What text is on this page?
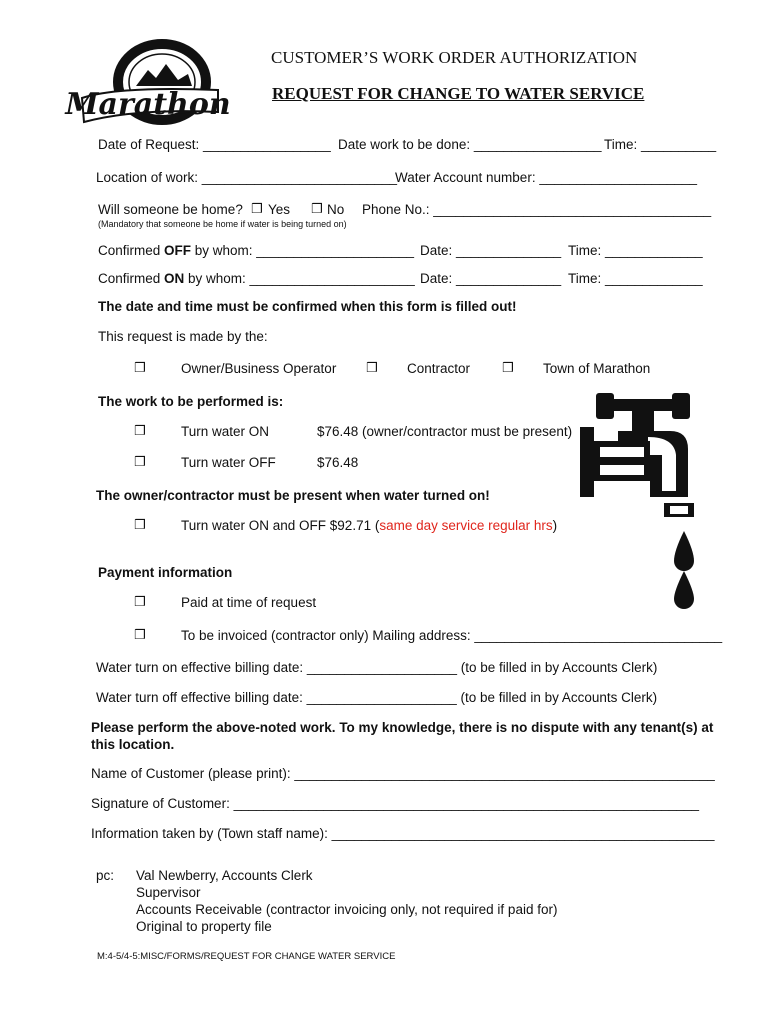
Marathon
CUSTOMER’S WORK ORDER AUTHORIZATION
REQUEST FOR CHANGE TO WATER SERVICE
Date of Request: _________________ Date work to be done: _________________ Time: __________
Location of work: __________________________
Water Account number: _____________________
Will someone be home? ❒ Yes ❒ No Phone No.: _____________________________________
(Mandatory that someone be home if water is being turned on)
Confirmed OFF by whom: _____________________ Date: ______________ Time: _____________
Confirmed ON by whom: ______________________ Date: ______________ Time: _____________
The date and time must be confirmed when this form is filled out!
This request is made by the:
❒	Owner/Business Operator ❒ Contractor ❒ Town of Marathon
The work to be performed is:
❒	Turn water ON	$76.48 (owner/contractor must be present)
❒	Turn water OFF	$76.48
The owner/contractor must be present when water turned on!
❒	Turn water ON and OFF $92.71 (same day service regular hrs)
Payment information
❒	Paid at time of request
❒	To be invoiced (contractor only) Mailing address: _________________________________
Water turn on effective billing date: ____________________ (to be filled in by Accounts Clerk)
Water turn off effective billing date: ____________________ (to be filled in by Accounts Clerk)
Please perform the above-noted work. To my knowledge, there is no dispute with any tenant(s) at
this location.
Name of Customer (please print): ________________________________________________________
Signature of Customer: ______________________________________________________________
Information taken by (Town staff name): ___________________________________________________
pc: Val Newberry, Accounts Clerk
Supervisor
Accounts Receivable (contractor invoicing only, not required if paid for)
Original to property file
M:4-5/4-5:MISC/FORMS/REQUEST FOR CHANGE WATER SERVICE
